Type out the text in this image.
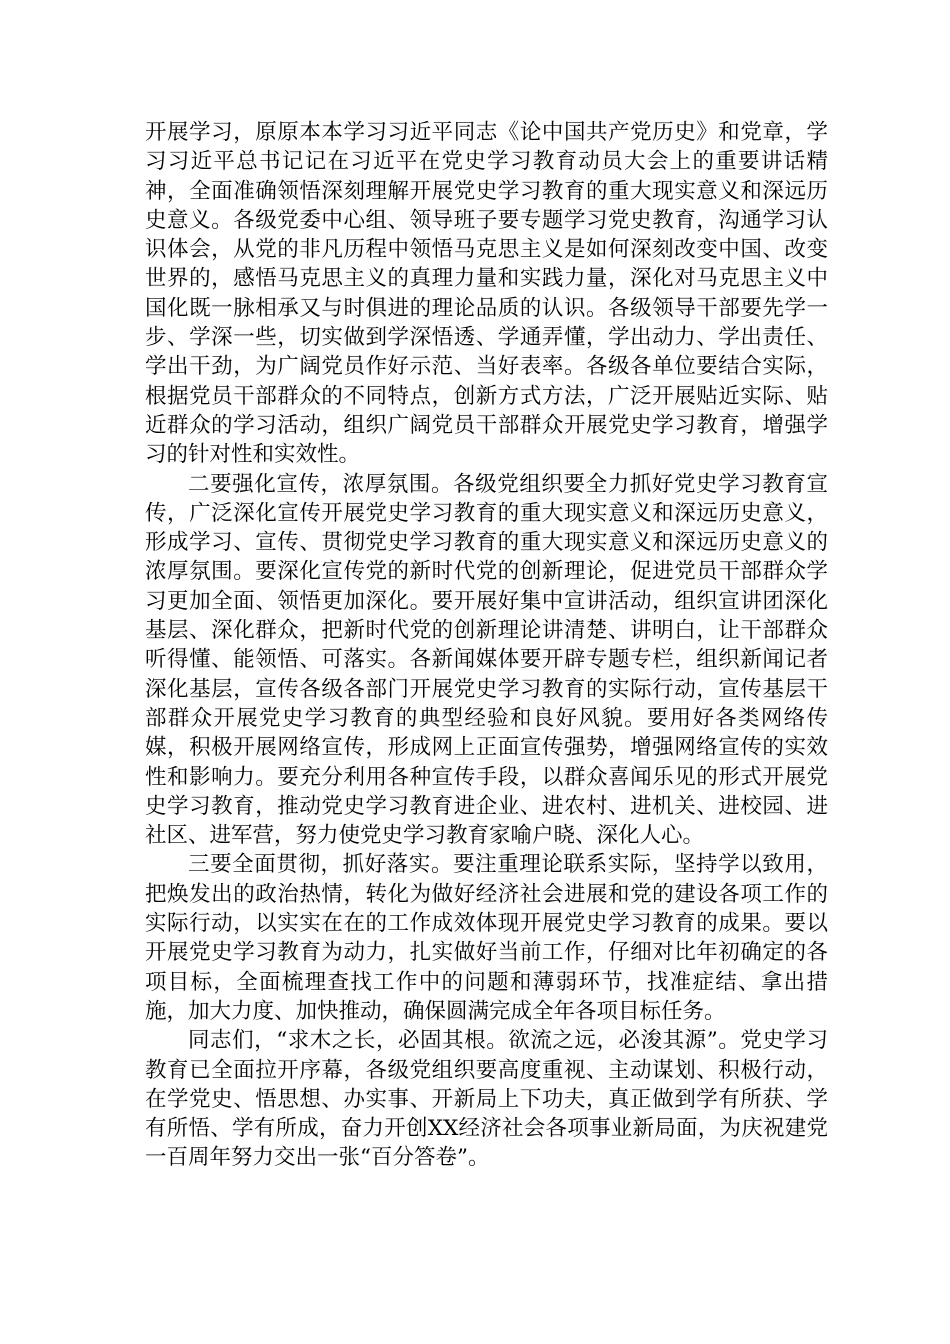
开展学习，原原本本学习习近平同志《论中国共产党历史》和党章，学习习近平总书记记在习近平在党史学习教育动员大会上的重要讲话精神，全面准确领悟深刻理解开展党史学习教育的重大现实意义和深远历史意义。各级党委中心组、领导班子要专题学习党史教育，沟通学习认识体会，从党的非凡历程中领悟马克思主义是如何深刻改变中国、改变世界的，感悟马克思主义的真理力量和实践力量，深化对马克思主义中国化既一脉相承又与时俱进的理论品质的认识。各级领导干部要先学一步、学深一些，切实做到学深悟透、学通弄懂，学出动力、学出责任、学出干劲，为广阔党员作好示范、当好表率。各级各单位要结合实际，根据党员干部群众的不同特点，创新方式方法，广泛开展贴近实际、贴近群众的学习活动，组织广阔党员干部群众开展党史学习教育，增强学习的针对性和实效性。

二要强化宣传，浓厚氛围。各级党组织要全力抓好党史学习教育宣传，广泛深化宣传开展党史学习教育的重大现实意义和深远历史意义，形成学习、宣传、贯彻党史学习教育的重大现实意义和深远历史意义的浓厚氛围。要深化宣传党的新时代党的创新理论，促进党员干部群众学习更加全面、领悟更加深化。要开展好集中宣讲活动，组织宣讲团深化基层、深化群众，把新时代党的创新理论讲清楚、讲明白，让干部群众听得懂、能领悟、可落实。各新闻媒体要开辟专题专栏，组织新闻记者深化基层，宣传各级各部门开展党史学习教育的实际行动，宣传基层干部群众开展党史学习教育的典型经验和良好风貌。要用好各类网络传媒，积极开展网络宣传，形成网上正面宣传强势，增强网络宣传的实效性和影响力。要充分利用各种宣传手段，以群众喜闻乐见的形式开展党史学习教育，推动党史学习教育进企业、进农村、进机关、进校园、进社区、进军营，努力使党史学习教育家喻户晓、深化人心。

三要全面贯彻，抓好落实。要注重理论联系实际，坚持学以致用，把焕发出的政治热情，转化为做好经济社会进展和党的建设各项工作的实际行动，以实实在在的工作成效体现开展党史学习教育的成果。要以开展党史学习教育为动力，扎实做好当前工作，仔细对比年初确定的各项目标，全面梳理查找工作中的问题和薄弱环节，找准症结、拿出措施，加大力度、加快推动，确保圆满完成全年各项目标任务。

同志们，“求木之长，必固其根。欲流之远，必浚其源”。党史学习教育已全面拉开序幕，各级党组织要高度重视、主动谋划、积极行动，在学党史、悟思想、办实事、开新局上下功夫，真正做到学有所获、学有所悟、学有所成，奋力开创XX经济社会各项事业新局面，为庆祝建党一百周年努力交出一张“百分答卷”。
